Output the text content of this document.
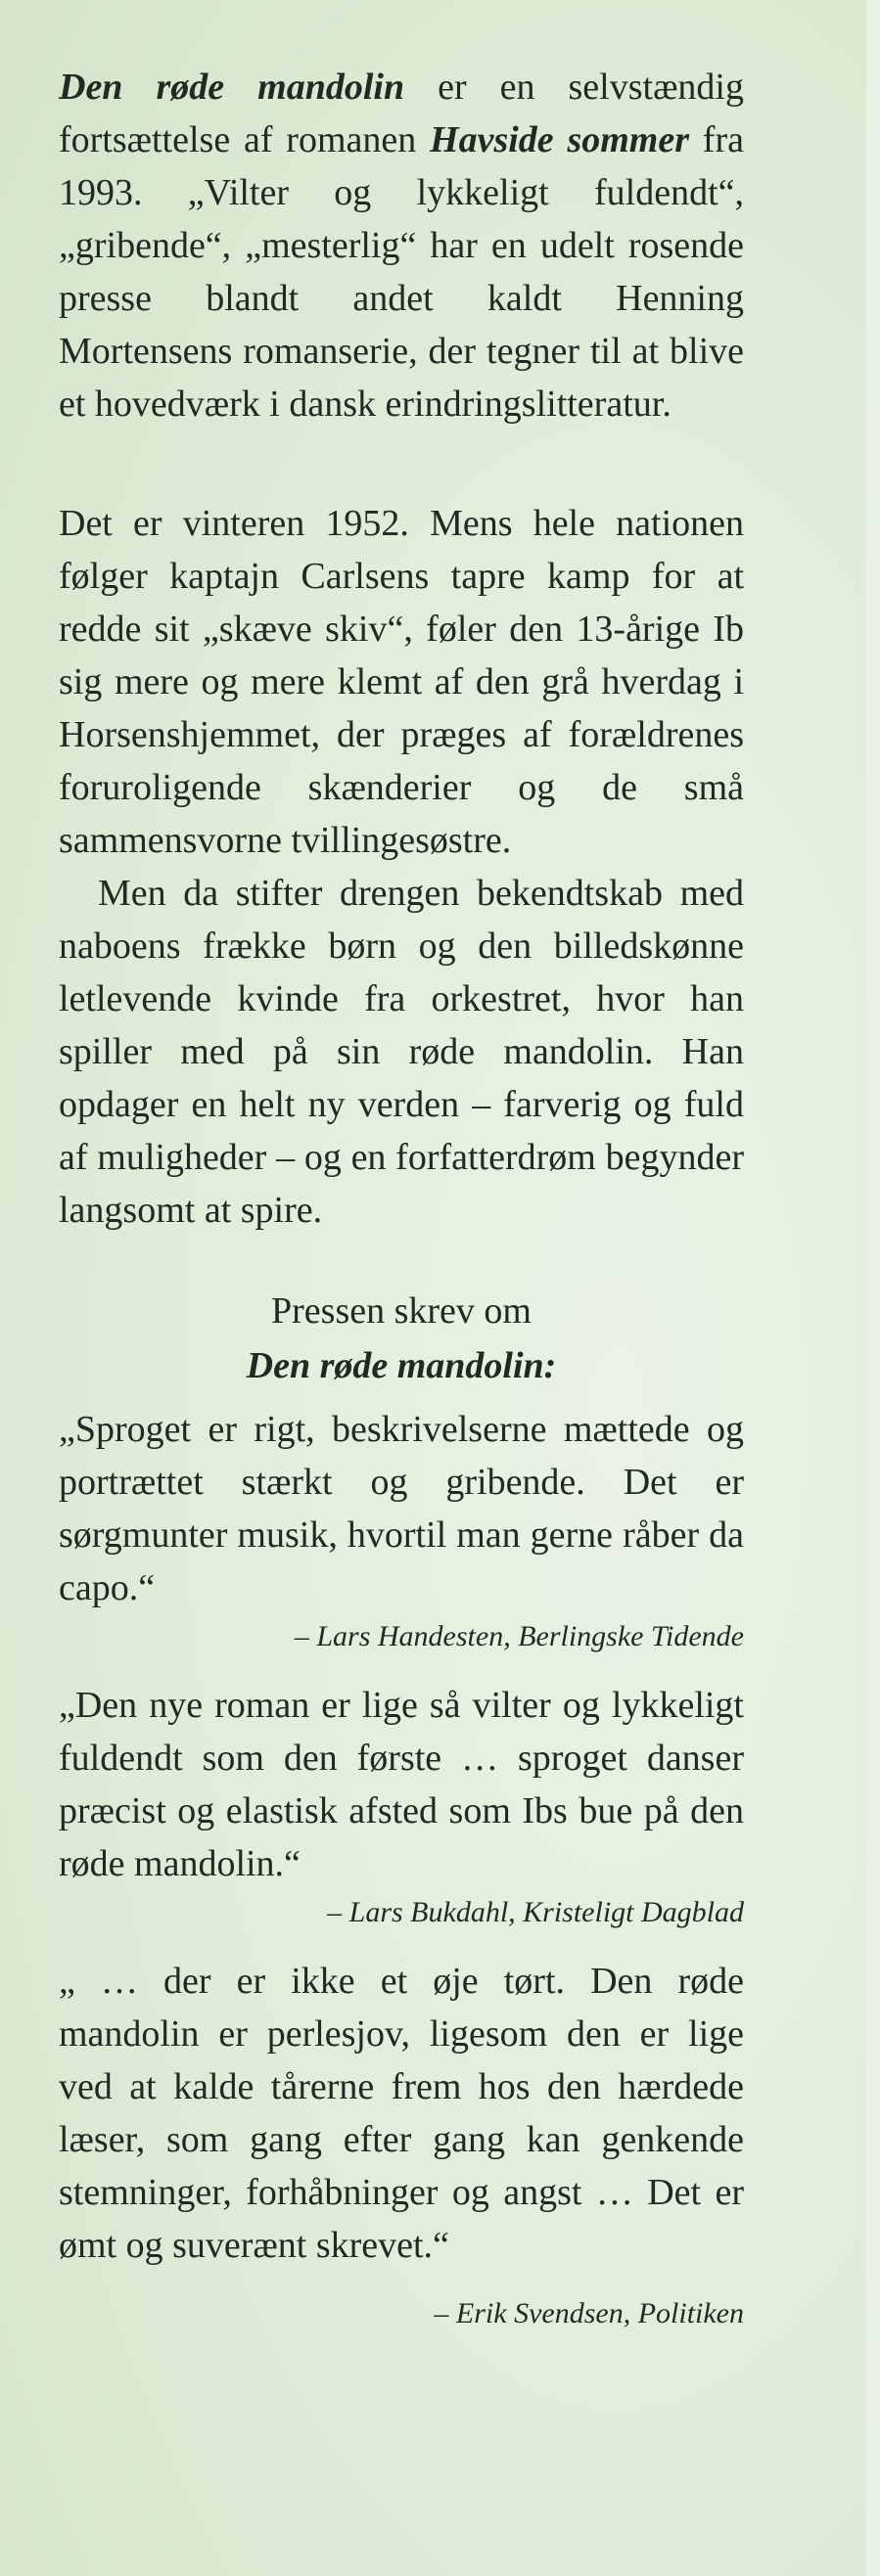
Den røde mandolin er en selvstændig fortsættelse af romanen Havside sommer fra 1993. „Vilter og lykkeligt fuldendt“, „gribende“, „mesterlig“ har en udelt rosende presse blandt andet kaldt Henning Mortensens romanserie, der tegner til at blive et hovedværk i dansk erindringslitteratur.

Det er vinteren 1952. Mens hele nationen følger kaptajn Carlsens tapre kamp for at redde sit „skæve skiv“, føler den 13-årige Ib sig mere og mere klemt af den grå hverdag i Horsenshjemmet, der præges af forældrenes foruroligende skænderier og de små sammensvorne tvillingesøstre.

Men da stifter drengen bekendtskab med naboens frække børn og den billedskønne letlevende kvinde fra orkestret, hvor han spiller med på sin røde mandolin. Han opdager en helt ny verden – farverig og fuld af muligheder – og en forfatterdrøm begynder langsomt at spire.

Pressen skrev om
Den røde mandolin:

„Sproget er rigt, beskrivelserne mættede og portrættet stærkt og gribende. Det er sørgmunter musik, hvortil man gerne råber da capo.“

– Lars Handesten, Berlingske Tidende

„Den nye roman er lige så vilter og lykkeligt fuldendt som den første … sproget danser præcist og elastisk afsted som Ibs bue på den røde mandolin.“

– Lars Bukdahl, Kristeligt Dagblad

„ … der er ikke et øje tørt. Den røde mandolin er perlesjov, ligesom den er lige ved at kalde tårerne frem hos den hærdede læser, som gang efter gang kan genkende stemninger, forhåbninger og angst … Det er ømt og suverænt skrevet.“

– Erik Svendsen, Politiken
